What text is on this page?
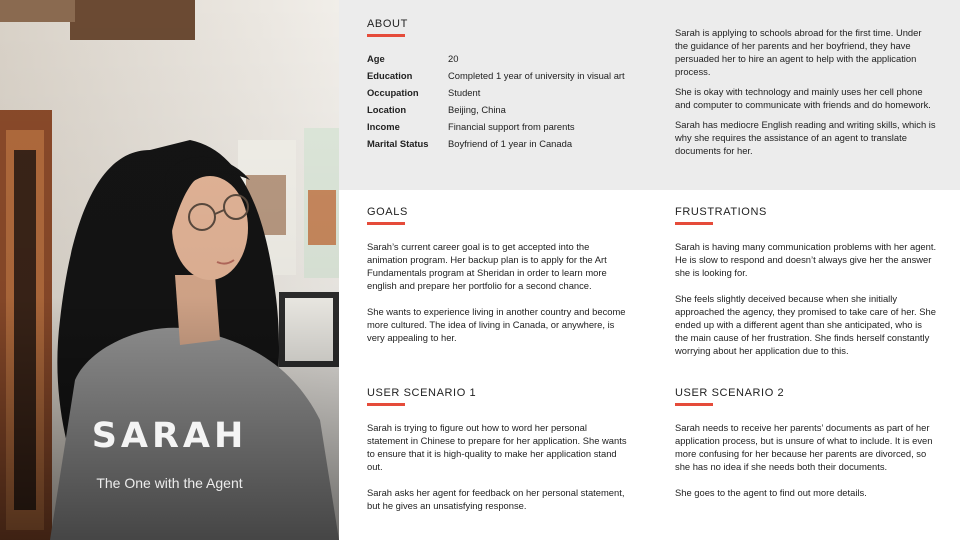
SARAH
The One with the Agent
ABOUT
Age	20
Education	Completed 1 year of university in visual art
Occupation	Student
Location	Beijing, China
Income	Financial support from parents
Marital Status	Boyfriend of 1 year in Canada

Sarah is applying to schools abroad for the first time. Under the guidance of her parents and her boyfriend, they have persuaded her to hire an agent to help with the application process.

She is okay with technology and mainly uses her cell phone and computer to communicate with friends and do homework.

Sarah has mediocre English reading and writing skills, which is why she requires the assistance of an agent to translate documents for her.

GOALS

Sarah’s current career goal is to get accepted into the animation program. Her backup plan is to apply for the Art Fundamentals program at Sheridan in order to learn more english and prepare her portfolio for a second chance.

She wants to experience living in another country and become more cultured. The idea of living in Canada, or anywhere, is very appealing to her.

FRUSTRATIONS

Sarah is having many communication problems with her agent. He is slow to respond and doesn’t always give her the answer she is looking for.

She feels slightly deceived because when she initially approached the agency, they promised to take care of her. She ended up with a different agent than she anticipated, who is the main cause of her frustration. She finds herself constantly worrying about her application due to this.

USER SCENARIO 1

Sarah is trying to figure out how to word her personal statement in Chinese to prepare for her application. She wants to ensure that it is high-quality to make her application stand out.

Sarah asks her agent for feedback on her personal statement, but he gives an unsatisfying response.

USER SCENARIO 2

Sarah needs to receive her parents’ documents as part of her application process, but is unsure of what to include. It is even more confusing for her because her parents are divorced, so she has no idea if she needs both their documents.

She goes to the agent to find out more details.
